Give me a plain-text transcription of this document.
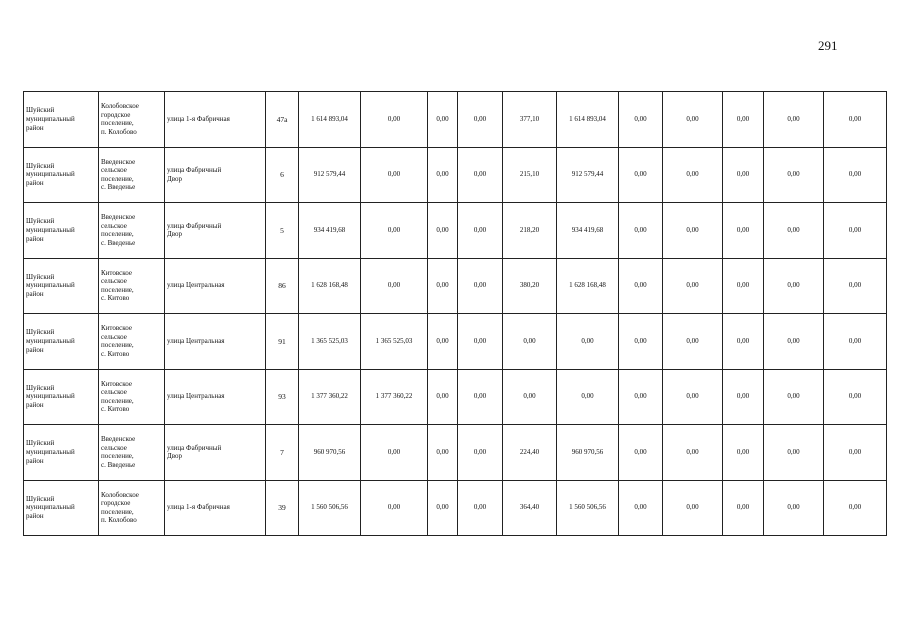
291
Шуйский
муниципальный
район	Колобовское
городское
поселение,
п. Колобово	улица 1-я Фабричная	47а	1 614 893,04	0,00	0,00	0,00	377,10	1 614 893,04	0,00	0,00	0,00	0,00	0,00
Шуйский
муниципальный
район	Введенское
сельское
поселение,
с. Введенье	улица Фабричный
Двор	6	912 579,44	0,00	0,00	0,00	215,10	912 579,44	0,00	0,00	0,00	0,00	0,00
Шуйский
муниципальный
район	Введенское
сельское
поселение,
с. Введенье	улица Фабричный
Двор	5	934 419,68	0,00	0,00	0,00	218,20	934 419,68	0,00	0,00	0,00	0,00	0,00
Шуйский
муниципальный
район	Китовское
сельское
поселение,
с. Китово	улица Центральная	86	1 628 168,48	0,00	0,00	0,00	380,20	1 628 168,48	0,00	0,00	0,00	0,00	0,00
Шуйский
муниципальный
район	Китовское
сельское
поселение,
с. Китово	улица Центральная	91	1 365 525,03	1 365 525,03	0,00	0,00	0,00	0,00	0,00	0,00	0,00	0,00	0,00
Шуйский
муниципальный
район	Китовское
сельское
поселение,
с. Китово	улица Центральная	93	1 377 360,22	1 377 360,22	0,00	0,00	0,00	0,00	0,00	0,00	0,00	0,00	0,00
Шуйский
муниципальный
район	Введенское
сельское
поселение,
с. Введенье	улица Фабричный
Двор	7	960 970,56	0,00	0,00	0,00	224,40	960 970,56	0,00	0,00	0,00	0,00	0,00
Шуйский
муниципальный
район	Колобовское
городское
поселение,
п. Колобово	улица 1-я Фабричная	39	1 560 506,56	0,00	0,00	0,00	364,40	1 560 506,56	0,00	0,00	0,00	0,00	0,00
